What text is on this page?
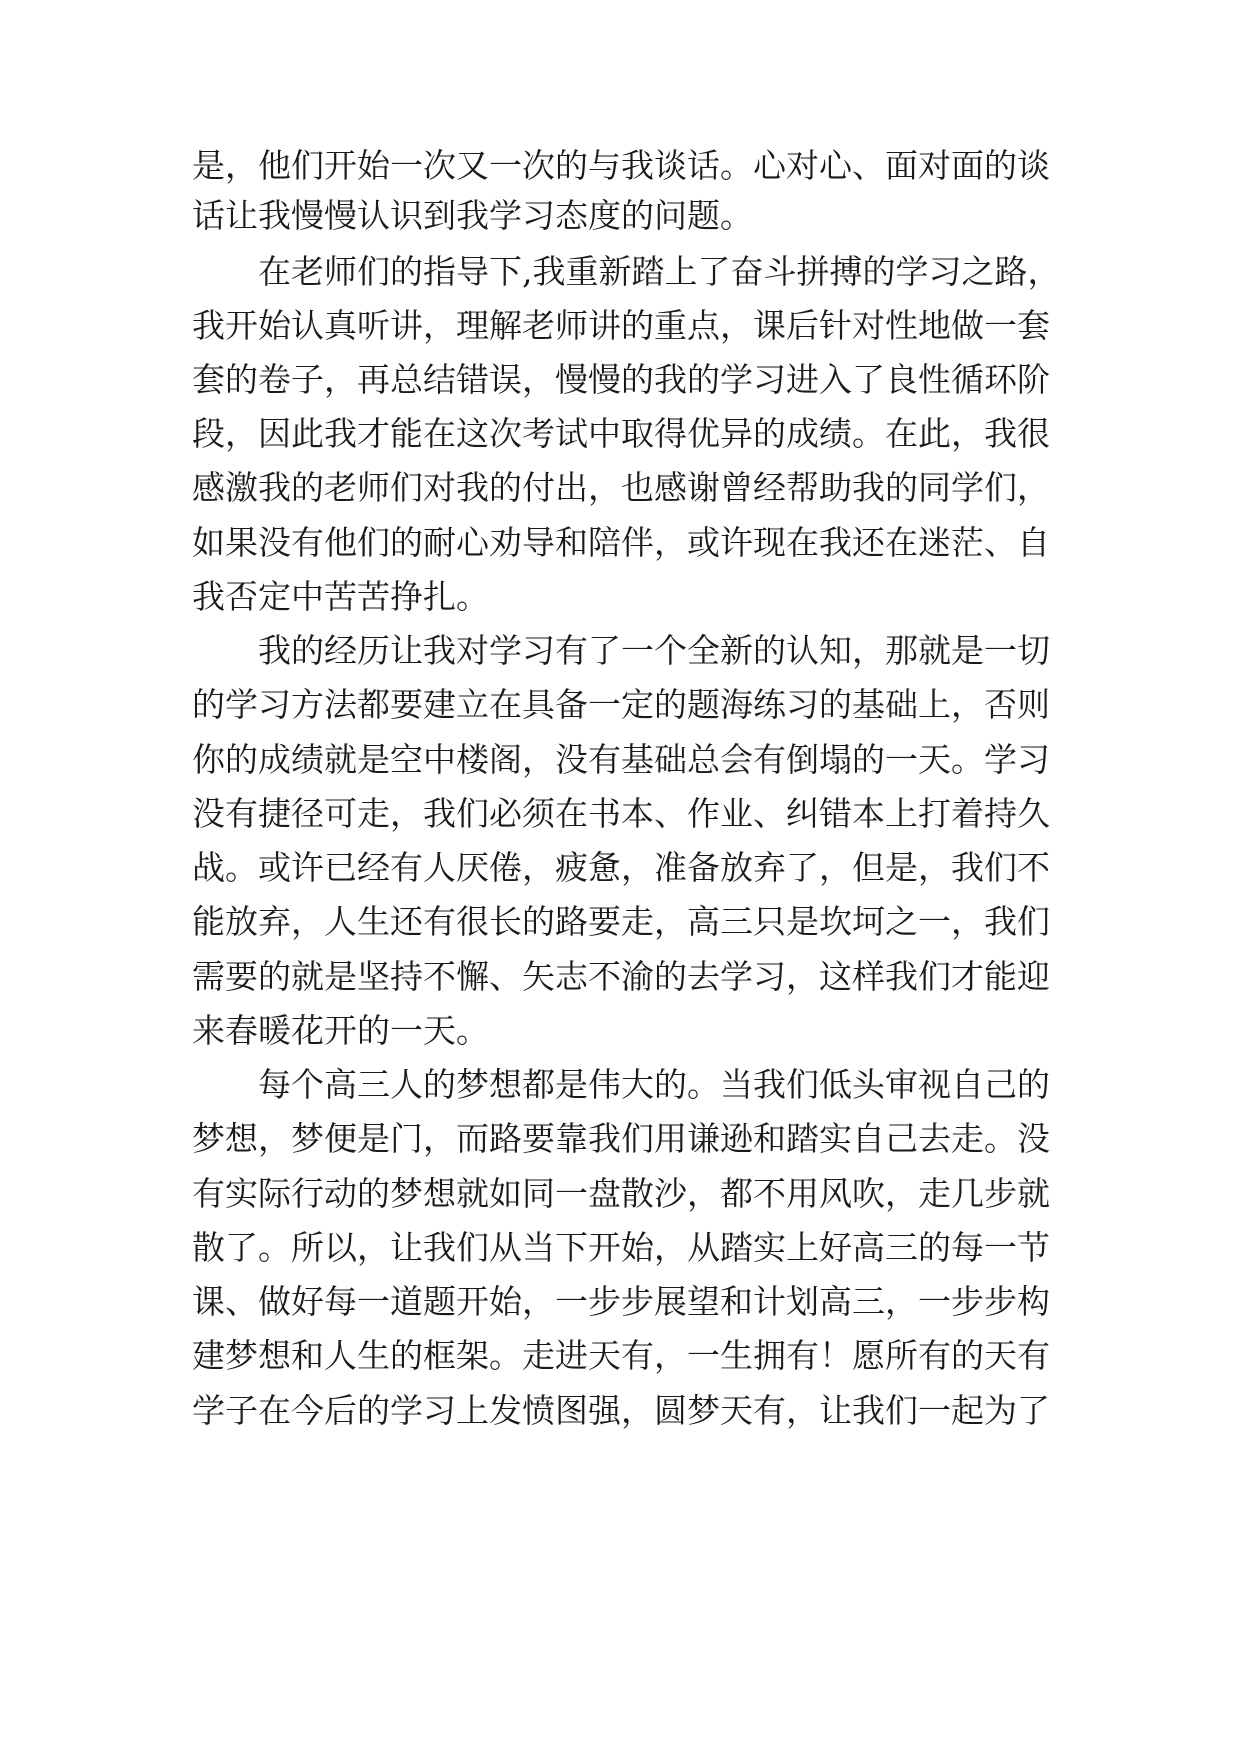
是，他们开始一次又一次的与我谈话。心对心、面对面的谈
话让我慢慢认识到我学习态度的问题。
　　在老师们的指导下,我重新踏上了奋斗拼搏的学习之路，
我开始认真听讲，理解老师讲的重点，课后针对性地做一套
套的卷子，再总结错误，慢慢的我的学习进入了良性循环阶
段，因此我才能在这次考试中取得优异的成绩。在此，我很
感激我的老师们对我的付出，也感谢曾经帮助我的同学们，
如果没有他们的耐心劝导和陪伴，或许现在我还在迷茫、自
我否定中苦苦挣扎。
　　我的经历让我对学习有了一个全新的认知，那就是一切
的学习方法都要建立在具备一定的题海练习的基础上，否则
你的成绩就是空中楼阁，没有基础总会有倒塌的一天。学习
没有捷径可走，我们必须在书本、作业、纠错本上打着持久
战。或许已经有人厌倦，疲惫，准备放弃了，但是，我们不
能放弃，人生还有很长的路要走，高三只是坎坷之一，我们
需要的就是坚持不懈、矢志不渝的去学习，这样我们才能迎
来春暖花开的一天。
　　每个高三人的梦想都是伟大的。当我们低头审视自己的
梦想，梦便是门，而路要靠我们用谦逊和踏实自己去走。没
有实际行动的梦想就如同一盘散沙，都不用风吹，走几步就
散了。所以，让我们从当下开始，从踏实上好高三的每一节
课、做好每一道题开始，一步步展望和计划高三，一步步构
建梦想和人生的框架。走进天有，一生拥有！愿所有的天有
学子在今后的学习上发愤图强，圆梦天有，让我们一起为了
